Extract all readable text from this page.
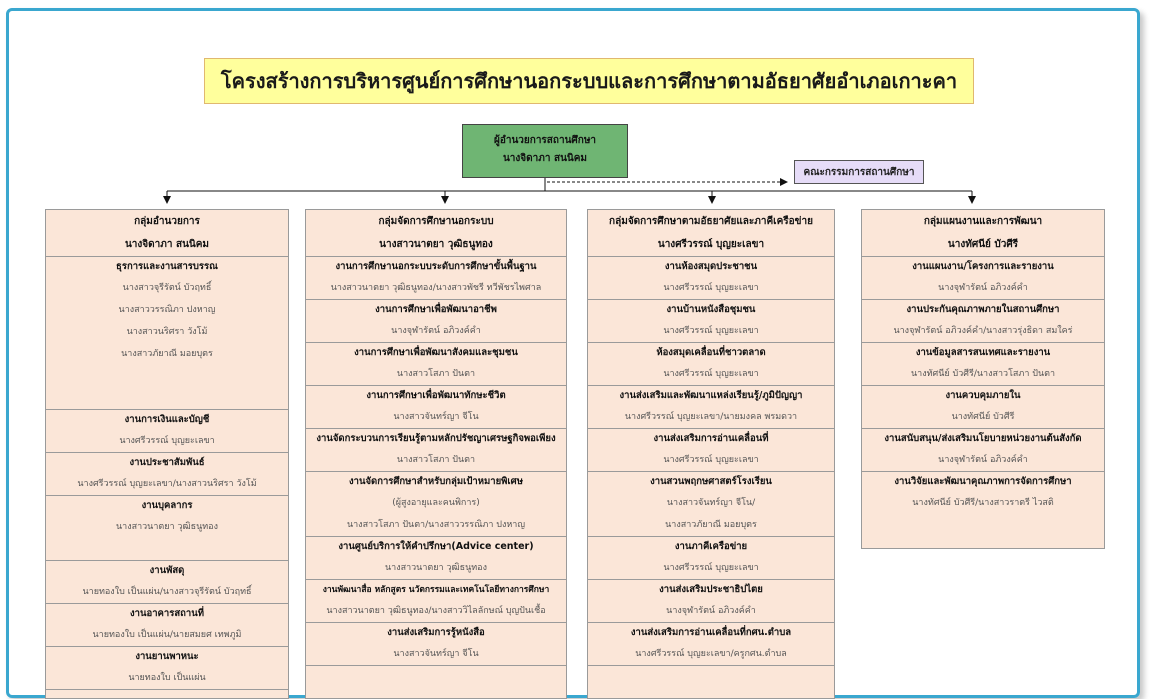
โครงสร้างการบริหารศูนย์การศึกษานอกระบบและการศึกษาตามอัธยาศัยอำเภอเกาะคา
ผู้อำนวยการสถานศึกษา
นางจิดาภา สนนิคม
คณะกรรมการสถานศึกษา
กลุ่มอำนวยการ
นางจิดาภา สนนิคม
ธุรการและงานสารบรรณ
นางสาวจุรีรัตน์ บัวฤทธิ์
นางสาววรรณิภา ปงหาญ
นางสาวนริศรา วังโม้
นางสาวภัยาณี มอยบุตร
งานการเงินและบัญชี
นางศรีวรรณ์ บุญยะเลขา
งานประชาสัมพันธ์
นางศรีวรรณ์ บุญยะเลขา/นางสาวนริศรา วังโม้
งานบุคลากร
นางสาวนาตยา วุฒิธนูทอง
งานพัสดุ
นายทองใบ เป็นแผ่น/นางสาวจุรีรัตน์ บัวฤทธิ์
งานอาคารสถานที่
นายทองใบ เป็นแผ่น/นายสมยศ เทพภูมิ
งานยานพาหนะ
นายทองใบ เป็นแผ่น
กลุ่มจัดการศึกษานอกระบบ
นางสาวนาตยา วุฒิธนูทอง
งานการศึกษานอกระบบระดับการศึกษาขั้นพื้นฐาน
นางสาวนาตยา วุฒิธนูทอง/นางสาวพัชรี ทวีพัชรไพศาล
งานการศึกษาเพื่อพัฒนาอาชีพ
นางจุฬารัตน์ อภิวงค์คำ
งานการศึกษาเพื่อพัฒนาสังคมและชุมชน
นางสาวโสภา ปันตา
งานการศึกษาเพื่อพัฒนาทักษะชีวิต
นางสาวจันทร์ญา จีโน
งานจัดกระบวนการเรียนรู้ตามหลักปรัชญาเศรษฐกิจพอเพียง
นางสาวโสภา ปันตา
งานจัดการศึกษาสำหรับกลุ่มเป้าหมายพิเศษ
(ผู้สูงอายุและคนพิการ)
นางสาวโสภา ปันตา/นางสาววรรณิภา ปงหาญ
งานศูนย์บริการให้คำปรึกษา(Advice center)
นางสาวนาตยา วุฒิธนูทอง
งานพัฒนาสื่อ หลักสูตร นวัตกรรมและเทคโนโลยีทางการศึกษา
นางสาวนาตยา วุฒิธนูทอง/นางสาววิไลลักษณ์ บุญปันเชื้อ
งานส่งเสริมการรู้หนังสือ
นางสาวจันทร์ญา จีโน
กลุ่มจัดการศึกษาตามอัธยาศัยและภาคีเครือข่าย
นางศรีวรรณ์ บุญยะเลขา
งานห้องสมุดประชาชน
นางศรีวรรณ์ บุญยะเลขา
งานบ้านหนังสือชุมชน
นางศรีวรรณ์ บุญยะเลขา
ห้องสมุดเคลื่อนที่ชาวตลาด
นางศรีวรรณ์ บุญยะเลขา
งานส่งเสริมและพัฒนาแหล่งเรียนรู้/ภูมิปัญญา
นางศรีวรรณ์ บุญยะเลขา/นายมงคล พรมดวา
งานส่งเสริมการอ่านเคลื่อนที่
นางศรีวรรณ์ บุญยะเลขา
งานสวนพฤกษศาสตร์โรงเรียน
นางสาวจันทร์ญา จีโน/
นางสาวภัยาณี มอยบุตร
งานภาคีเครือข่าย
นางศรีวรรณ์ บุญยะเลขา
งานส่งเสริมประชาธิปไตย
นางจุฬารัตน์ อภิวงค์คำ
งานส่งเสริมการอ่านเคลื่อนที่กศน.ตำบล
นางศรีวรรณ์ บุญยะเลขา/ครูกศน.ตำบล
กลุ่มแผนงานและการพัฒนา
นางทัศนีย์ บัวศีรี
งานแผนงาน/โครงการและรายงาน
นางจุฬารัตน์ อภิวงค์คำ
งานประกันคุณภาพภายในสถานศึกษา
นางจุฬารัตน์ อภิวงค์คำ/นางสาวรุ่งธิดา สมใคร่
งานข้อมูลสารสนเทศและรายงาน
นางทัศนีย์ บัวศีรี/นางสาวโสภา ปันตา
งานควบคุมภายใน
นางทัศนีย์ บัวศีรี
งานสนับสนุน/ส่งเสริมนโยบายหน่วยงานต้นสังกัด
นางจุฬารัตน์ อภิวงค์คำ
งานวิจัยและพัฒนาคุณภาพการจัดการศึกษา
นางทัศนีย์ บัวศีรี/นางสาวราตรี ไวสติ
